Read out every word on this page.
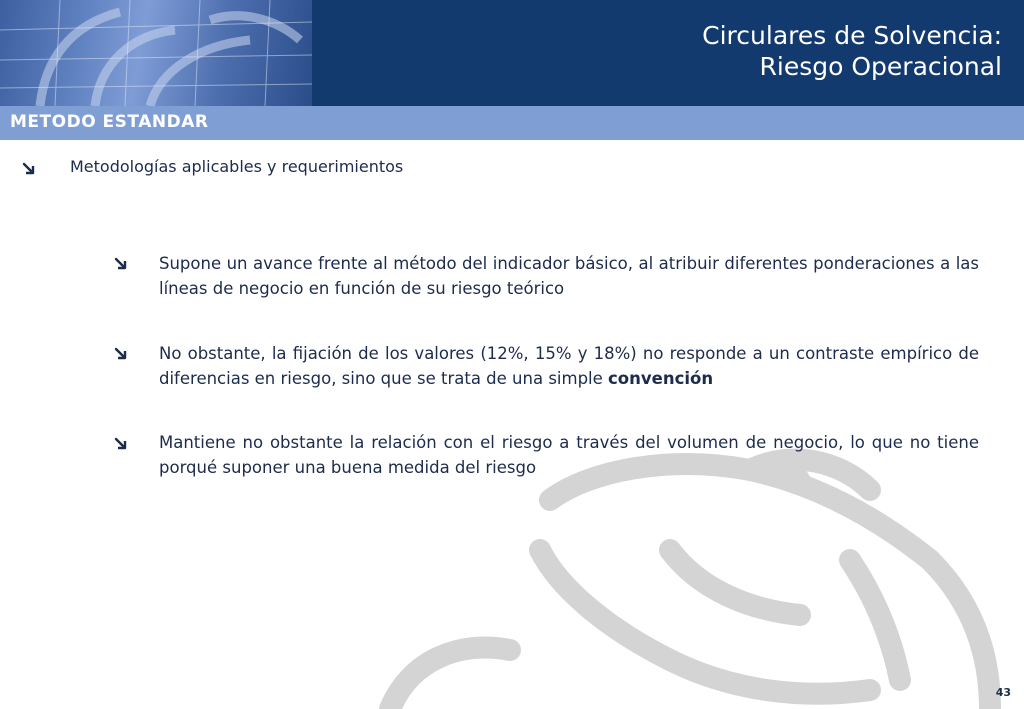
Circulares de Solvencia:
Riesgo Operacional
METODO ESTANDAR
Metodologías aplicables y requerimientos
Supone un avance frente al método del indicador básico, al atribuir diferentes ponderaciones a las líneas de negocio en función de su riesgo teórico
No obstante, la fijación de los valores (12%, 15% y 18%) no responde a un contraste empírico de diferencias en riesgo, sino que se trata de una simple convención
Mantiene no obstante la relación con el riesgo a través del volumen de negocio, lo que no tiene porqué suponer una buena medida del riesgo
43
